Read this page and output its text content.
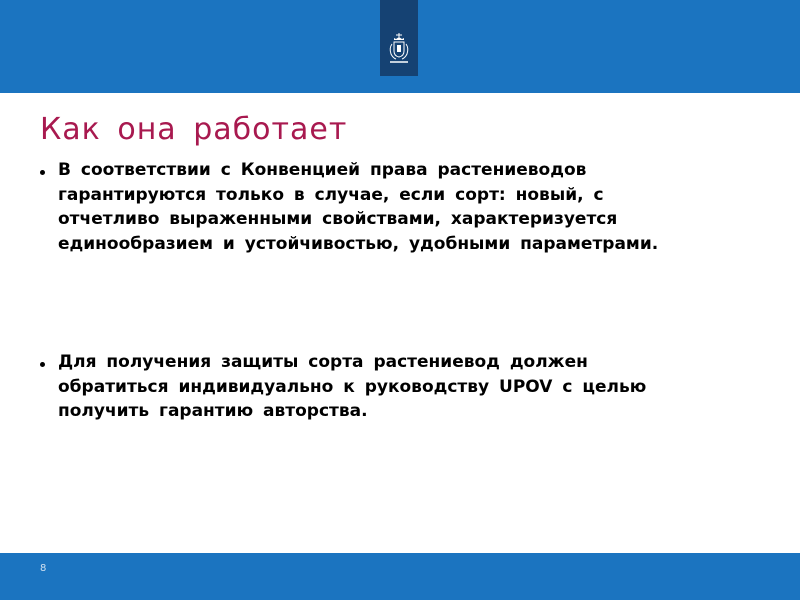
Как она работает
В соответствии с Конвенцией права растениеводов
гарантируются только в случае, если сорт: новый, с
отчетливо выраженными свойствами, характеризуется
единообразием и устойчивостью, удобными параметрами.
Для получения защиты сорта растениевод должен
обратиться индивидуально к руководству UPOV с целью
получить гарантию авторства.
8
